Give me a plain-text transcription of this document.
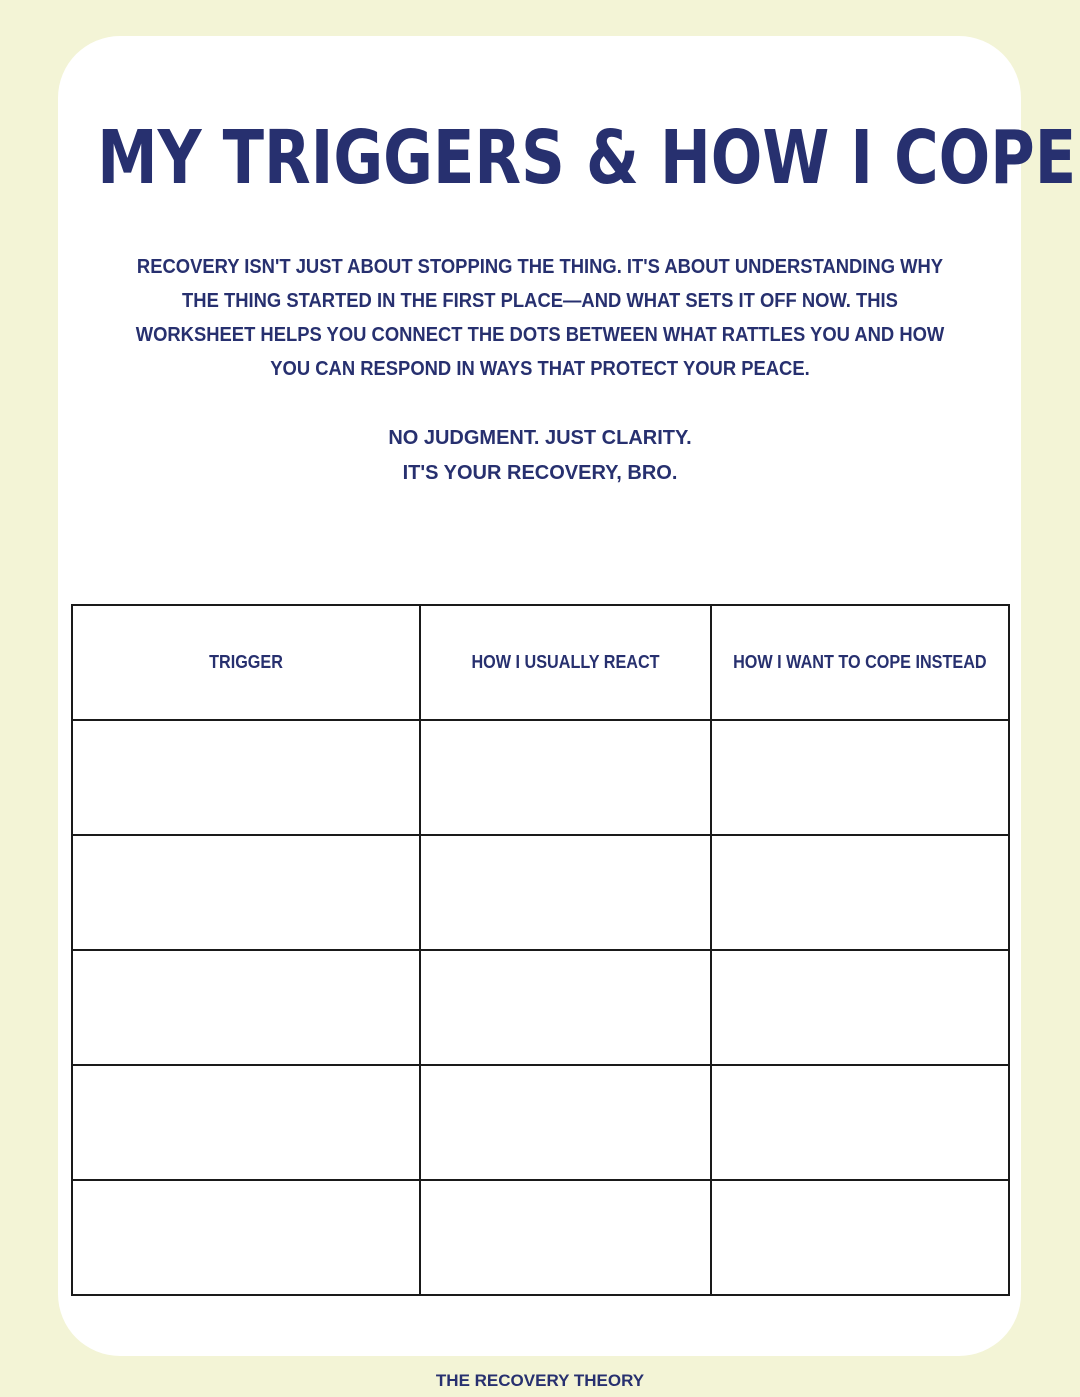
MY TRIGGERS & HOW I COPE

RECOVERY ISN'T JUST ABOUT STOPPING THE THING. IT'S ABOUT UNDERSTANDING WHY THE THING STARTED IN THE FIRST PLACE—AND WHAT SETS IT OFF NOW. THIS WORKSHEET HELPS YOU CONNECT THE DOTS BETWEEN WHAT RATTLES YOU AND HOW YOU CAN RESPOND IN WAYS THAT PROTECT YOUR PEACE.

NO JUDGMENT. JUST CLARITY.

IT'S YOUR RECOVERY, BRO.

TRIGGER	HOW I USUALLY REACT	HOW I WANT TO COPE INSTEAD

THE RECOVERY THEORY
